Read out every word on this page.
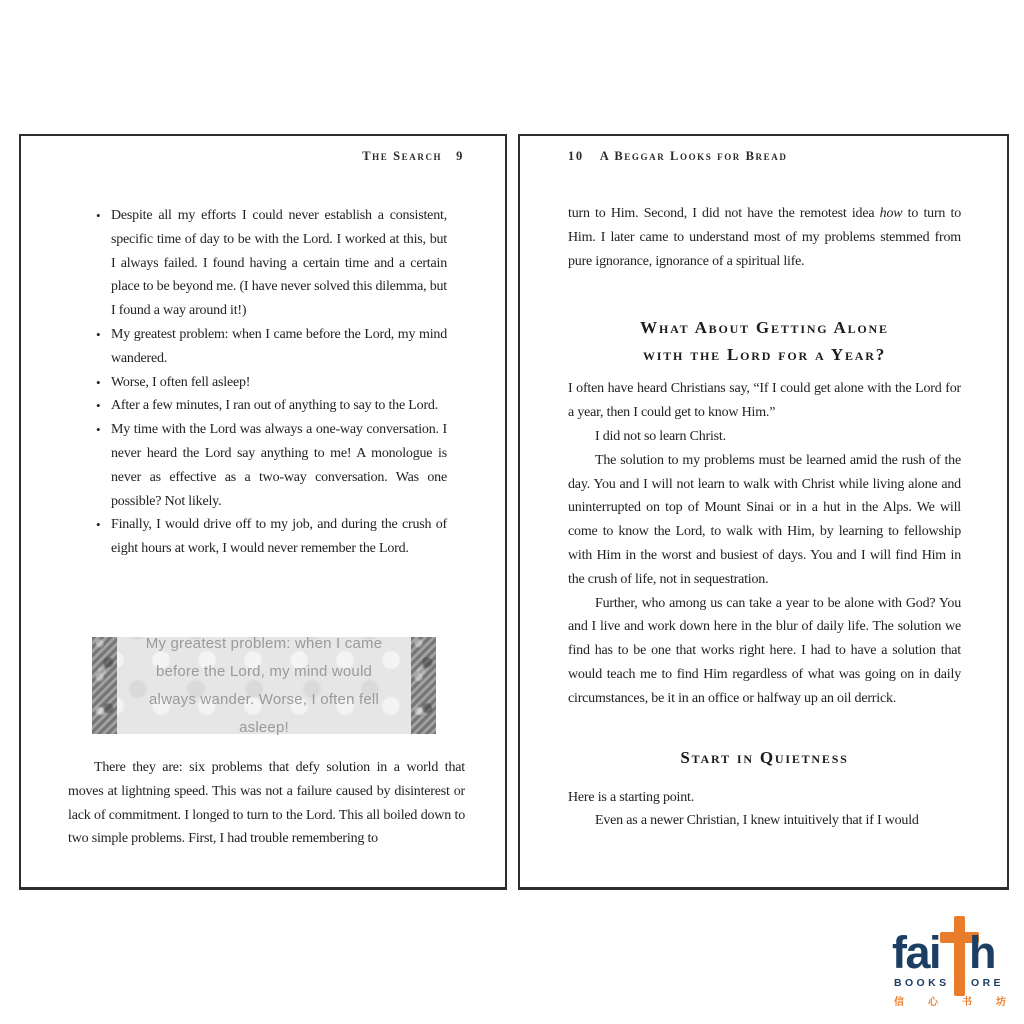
The Search 9
• Despite all my efforts I could never establish a consistent, specific time of day to be with the Lord. I worked at this, but I always failed. I found having a certain time and a certain place to be beyond me. (I have never solved this dilemma, but I found a way around it!)
• My greatest problem: when I came before the Lord, my mind wandered.
• Worse, I often fell asleep!
• After a few minutes, I ran out of anything to say to the Lord.
• My time with the Lord was always a one-way conversation. I never heard the Lord say anything to me! A monologue is never as effective as a two-way conversation. Was one possible? Not likely.
• Finally, I would drive off to my job, and during the crush of eight hours at work, I would never remember the Lord.

My greatest problem: when I came before the Lord, my mind would always wander. Worse, I often fell asleep!

There they are: six problems that defy solution in a world that moves at lightning speed. This was not a failure caused by disinterest or lack of commitment. I longed to turn to the Lord. This all boiled down to two simple problems. First, I had trouble remembering to

10 A Beggar Looks for Bread

turn to Him. Second, I did not have the remotest idea how to turn to Him. I later came to understand most of my problems stemmed from pure ignorance, ignorance of a spiritual life.

What About Getting Alone
with the Lord for a Year?

I often have heard Christians say, “If I could get alone with the Lord for a year, then I could get to know Him.”

I did not so learn Christ.

The solution to my problems must be learned amid the rush of the day. You and I will not learn to walk with Christ while living alone and uninterrupted on top of Mount Sinai or in a hut in the Alps. We will come to know the Lord, to walk with Him, by learning to fellowship with Him in the worst and busiest of days. You and I will find Him in the crush of life, not in sequestration.

Further, who among us can take a year to be alone with God? You and I live and work down here in the blur of daily life. The solution we find has to be one that works right here. I had to have a solution that would teach me to find Him regardless of what was going on in daily circumstances, be it in an office or halfway up an oil derrick.

Start in Quietness

Here is a starting point.

Even as a newer Christian, I knew intuitively that if I would

fai h
BOOKS ORE
信 心 书 坊
